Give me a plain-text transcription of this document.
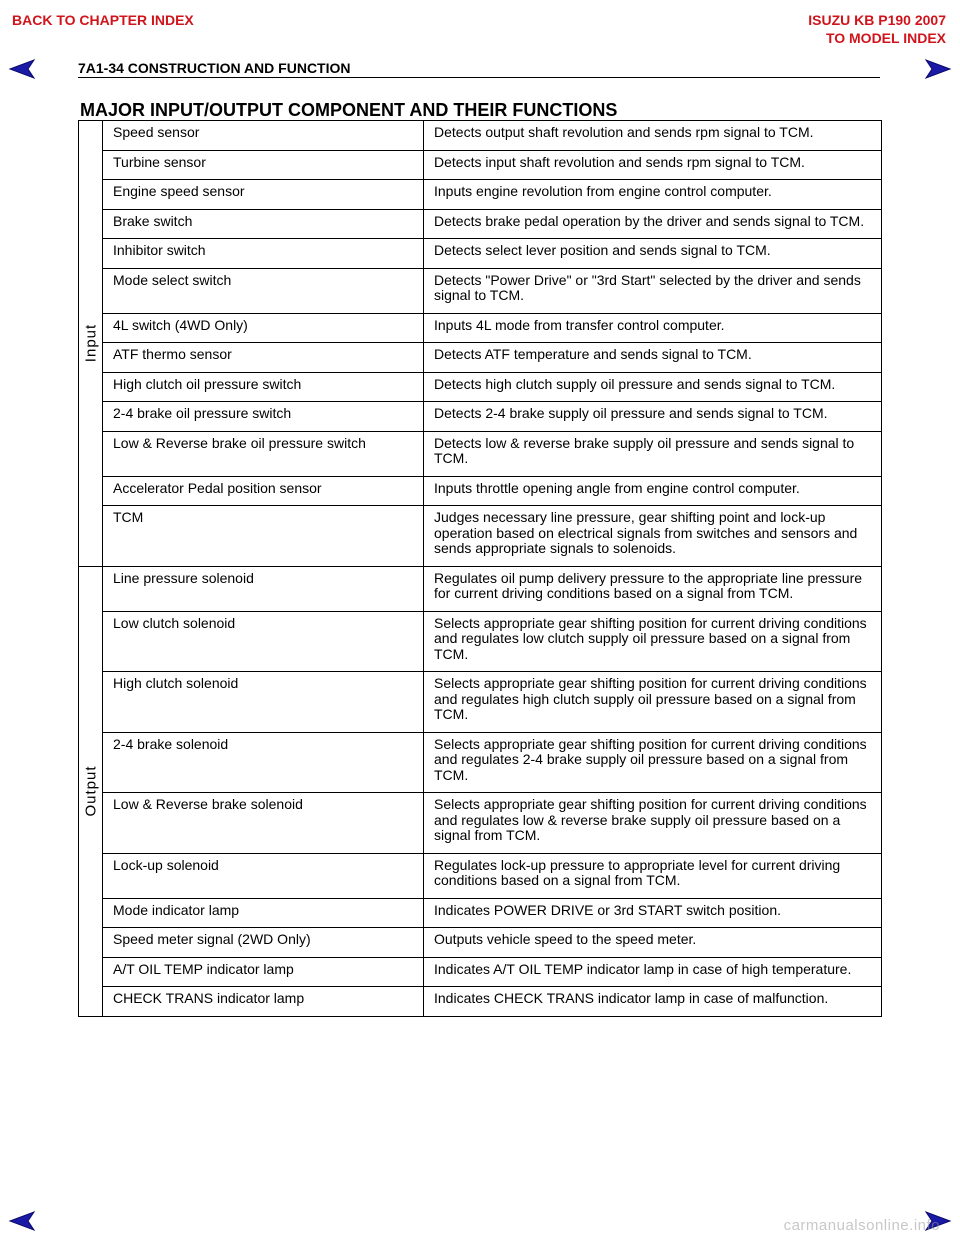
BACK TO CHAPTER INDEX	ISUZU KB P190 2007
TO MODEL INDEX
7A1-34 CONSTRUCTION AND FUNCTION
MAJOR INPUT/OUTPUT COMPONENT AND THEIR FUNCTIONS
Input	Speed sensor	Detects output shaft revolution and sends rpm signal to TCM.
	Turbine sensor	Detects input shaft revolution and sends rpm signal to TCM.
	Engine speed sensor	Inputs engine revolution from engine control computer.
	Brake switch	Detects brake pedal operation by the driver and sends signal to TCM.
	Inhibitor switch	Detects select lever position and sends signal to TCM.
	Mode select switch	Detects "Power Drive" or "3rd Start" selected by the driver and sends signal to TCM.
	4L switch (4WD Only)	Inputs 4L mode from transfer control computer.
	ATF thermo sensor	Detects ATF temperature and sends signal to TCM.
	High clutch oil pressure switch	Detects high clutch supply oil pressure and sends signal to TCM.
	2-4 brake oil pressure switch	Detects 2-4 brake supply oil pressure and sends signal to TCM.
	Low & Reverse brake oil pressure switch	Detects low & reverse brake supply oil pressure and sends signal to TCM.
	Accelerator Pedal position sensor	Inputs throttle opening angle from engine control computer.
	TCM	Judges necessary line pressure, gear shifting point and lock-up operation based on electrical signals from switches and sensors and sends appropriate signals to solenoids.

Output	Line pressure solenoid	Regulates oil pump delivery pressure to the appropriate line pressure for current driving conditions based on a signal from TCM.
	Low clutch solenoid	Selects appropriate gear shifting position for current driving conditions and regulates low clutch supply oil pressure based on a signal from TCM.
	High clutch solenoid	Selects appropriate gear shifting position for current driving conditions and regulates high clutch supply oil pressure based on a signal from TCM.
	2-4 brake solenoid	Selects appropriate gear shifting position for current driving conditions and regulates 2-4 brake supply oil pressure based on a signal from TCM.
	Low & Reverse brake solenoid	Selects appropriate gear shifting position for current driving conditions and regulates low & reverse brake supply oil pressure based on a signal from TCM.
	Lock-up solenoid	Regulates lock-up pressure to appropriate level for current driving conditions based on a signal from TCM.
	Mode indicator lamp	Indicates POWER DRIVE or 3rd START switch position.
	Speed meter signal (2WD Only)	Outputs vehicle speed to the speed meter.
	A/T OIL TEMP indicator lamp	Indicates A/T OIL TEMP indicator lamp in case of high temperature.
	CHECK TRANS indicator lamp	Indicates CHECK TRANS indicator lamp in case of malfunction.
carmanualsonline.info
